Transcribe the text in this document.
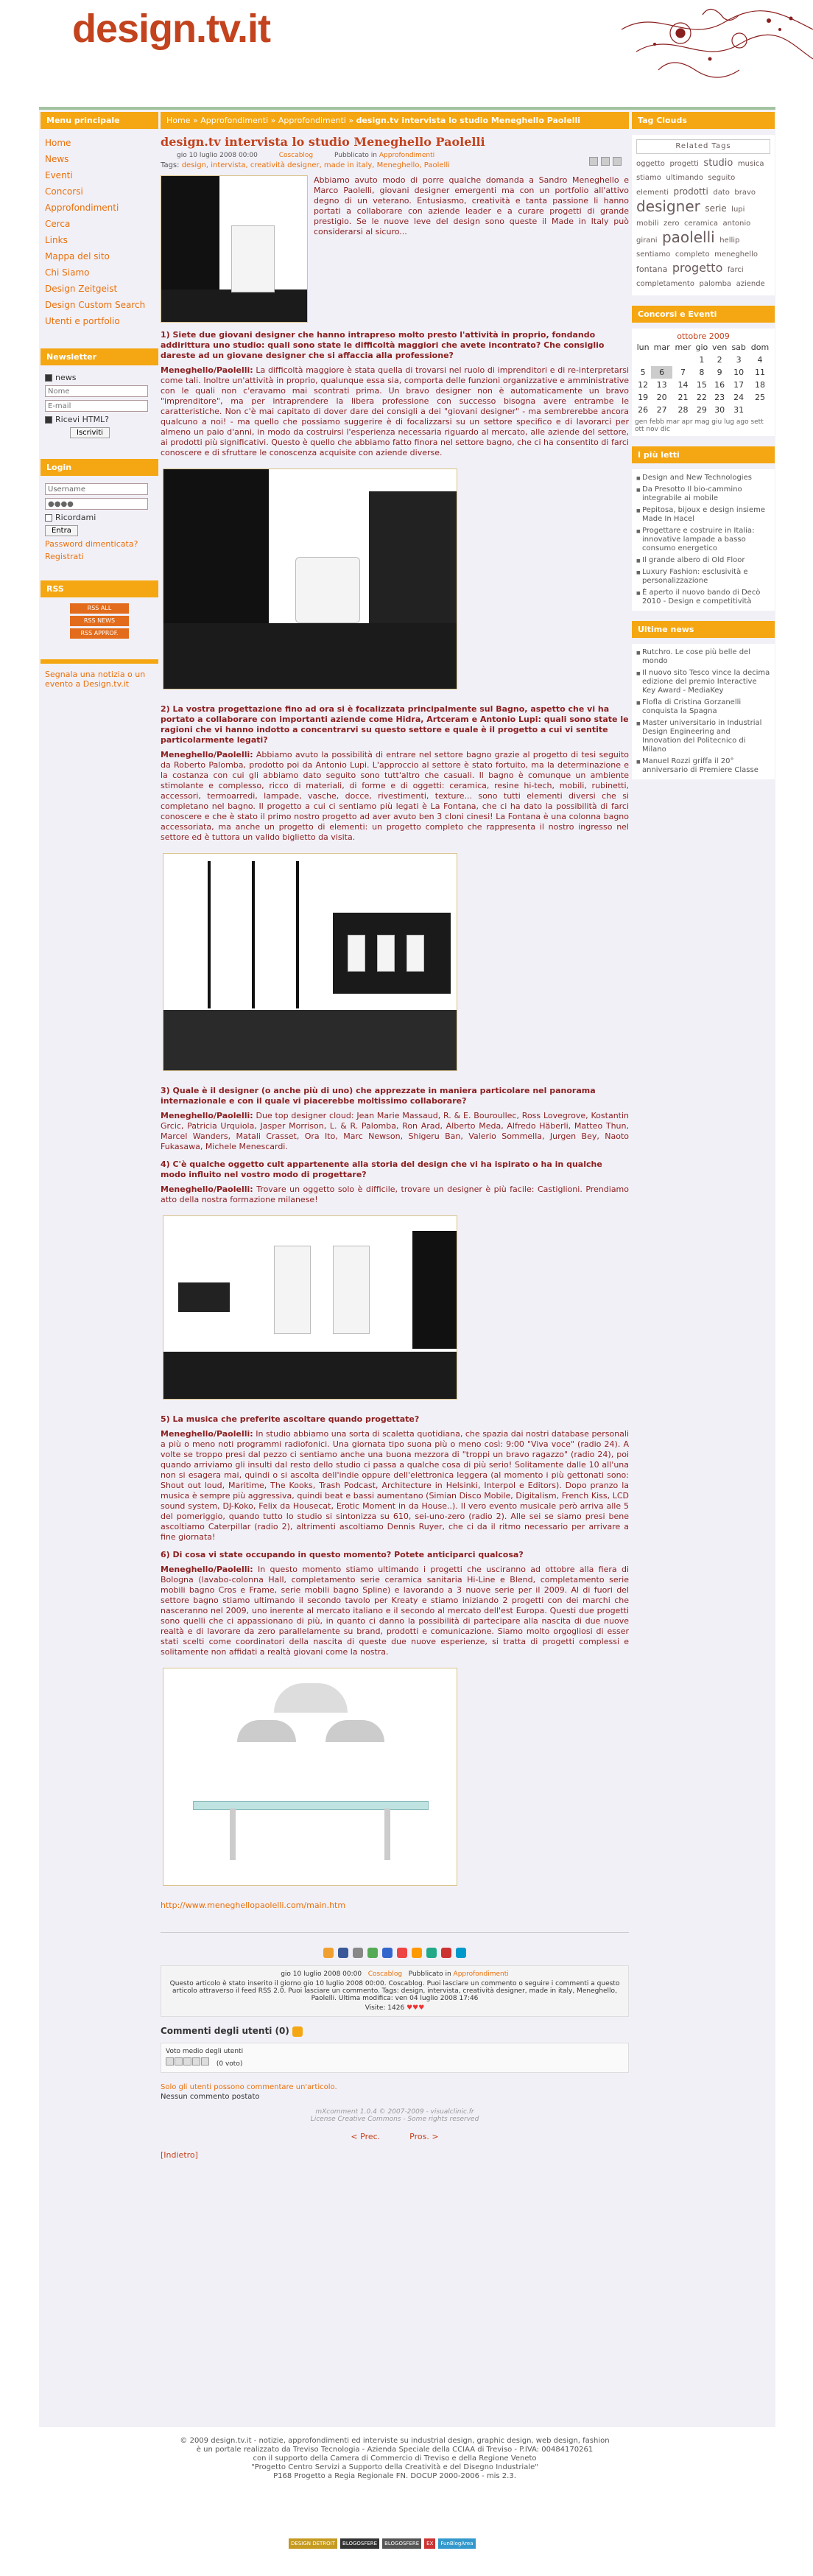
design.tv.it
Menu principale
Home
News
Eventi
Concorsi
Approfondimenti
Cerca
Links
Mappa del sito
Chi Siamo
Design Zeitgeist
Design Custom Search
Utenti e portfolio
Newsletter
news
Nome
E-mail
Ricevi HTML?
Iscriviti
Login
Username
●●●●
Ricordami
Entra
Password dimenticata?
Registrati
RSS
RSS ALL
RSS NEWS
RSS APPROF.
Segnala una notizia o un evento a Design.tv.it
Home » Approfondimenti » Approfondimenti » design.tv intervista lo studio Meneghello Paolelli
design.tv intervista lo studio Meneghello Paolelli
gio 10 luglio 2008 00:00	Coscablog	Pubblicato in Approfondimenti
Tags: design, intervista, creatività designer, made in italy, Meneghello, Paolelli
Abbiamo avuto modo di porre qualche domanda a Sandro Meneghello e Marco Paolelli, giovani designer emergenti ma con un portfolio all'attivo degno di un veterano. Entusiasmo, creatività e tanta passione li hanno portati a collaborare con aziende leader e a curare progetti di grande prestigio. Se le nuove leve del design sono queste il Made in Italy può considerarsi al sicuro...
1) Siete due giovani designer che hanno intrapreso molto presto l'attività in proprio, fondando addirittura uno studio: quali sono state le difficoltà maggiori che avete incontrato? Che consiglio dareste ad un giovane designer che si affaccia alla professione?
Meneghello/Paolelli: La difficoltà maggiore è stata quella di trovarsi nel ruolo di imprenditori e di re-interpretarsi come tali. Inoltre un'attività in proprio, qualunque essa sia, comporta delle funzioni organizzative e amministrative con le quali non c'eravamo mai scontrati prima. Un bravo designer non è automaticamente un bravo "imprenditore", ma per intraprendere la libera professione con successo bisogna avere entrambe le caratteristiche. Non c'è mai capitato di dover dare dei consigli a dei "giovani designer" - ma sembrerebbe ancora qualcuno a noi! - ma quello che possiamo suggerire è di focalizzarsi su un settore specifico e di lavorarci per almeno un paio d'anni, in modo da costruirsi l'esperienza necessaria riguardo al mercato, alle aziende del settore, ai prodotti più significativi. Questo è quello che abbiamo fatto finora nel settore bagno, che ci ha consentito di farci conoscere e di sfruttare le conoscenza acquisite con aziende diverse.
2) La vostra progettazione fino ad ora si è focalizzata principalmente sul Bagno, aspetto che vi ha portato a collaborare con importanti aziende come Hidra, Artceram e Antonio Lupi: quali sono state le ragioni che vi hanno indotto a concentrarvi su questo settore e quale è il progetto a cui vi sentite particolarmente legati?
Meneghello/Paolelli: Abbiamo avuto la possibilità di entrare nel settore bagno grazie al progetto di tesi seguito da Roberto Palomba, prodotto poi da Antonio Lupi. L'approccio al settore è stato fortuito, ma la determinazione e la costanza con cui gli abbiamo dato seguito sono tutt'altro che casuali. Il bagno è comunque un ambiente stimolante e complesso, ricco di materiali, di forme e di oggetti: ceramica, resine hi-tech, mobili, rubinetti, accessori, termoarredi, lampade, vasche, docce, rivestimenti, texture... sono tutti elementi diversi che si completano nel bagno. Il progetto a cui ci sentiamo più legati è La Fontana, che ci ha dato la possibilità di farci conoscere e che è stato il primo nostro progetto ad aver avuto ben 3 cloni cinesi! La Fontana è una colonna bagno accessoriata, ma anche un progetto di elementi: un progetto completo che rappresenta il nostro ingresso nel settore ed è tuttora un valido biglietto da visita.
3) Quale è il designer (o anche più di uno) che apprezzate in maniera particolare nel panorama internazionale e con il quale vi piacerebbe moltissimo collaborare?
Meneghello/Paolelli: Due top designer cloud: Jean Marie Massaud, R. & E. Bouroullec, Ross Lovegrove, Kostantin Grcic, Patricia Urquiola, Jasper Morrison, L. & R. Palomba, Ron Arad, Alberto Meda, Alfredo Häberli, Matteo Thun, Marcel Wanders, Matali Crasset, Ora Ito, Marc Newson, Shigeru Ban, Valerio Sommella, Jurgen Bey, Naoto Fukasawa, Michele Menescardi.
4) C'è qualche oggetto cult appartenente alla storia del design che vi ha ispirato o ha in qualche modo influito nel vostro modo di progettare?
Meneghello/Paolelli: Trovare un oggetto solo è difficile, trovare un designer è più facile: Castiglioni. Prendiamo atto della nostra formazione milanese!
5) La musica che preferite ascoltare quando progettate?
Meneghello/Paolelli: In studio abbiamo una sorta di scaletta quotidiana, che spazia dai nostri database personali a più o meno noti programmi radiofonici. Una giornata tipo suona più o meno così: 9:00 "Viva voce" (radio 24). A volte se troppo presi dal pezzo ci sentiamo anche una buona mezzora di "troppi un bravo ragazzo" (radio 24), poi quando arriviamo gli insulti dal resto dello studio ci passa a qualche cosa di più serio! Solitamente dalle 10 all'una non si esagera mai, quindi o si ascolta dell'indie oppure dell'elettronica leggera (al momento i più gettonati sono: Shout out loud, Maritime, The Kooks, Trash Podcast, Architecture in Helsinki, Interpol e Editors). Dopo pranzo la musica è sempre più aggressiva, quindi beat e bassi aumentano (Simian Disco Mobile, Digitalism, French Kiss, LCD sound system, DJ-Koko, Felix da Housecat, Erotic Moment in da House..). Il vero evento musicale però arriva alle 5 del pomeriggio, quando tutto lo studio si sintonizza su 610, sei-uno-zero (radio 2). Alle sei se siamo presi bene ascoltiamo Caterpillar (radio 2), altrimenti ascoltiamo Dennis Ruyer, che ci da il ritmo necessario per arrivare a fine giornata!
6) Di cosa vi state occupando in questo momento? Potete anticiparci qualcosa?
Meneghello/Paolelli: In questo momento stiamo ultimando i progetti che usciranno ad ottobre alla fiera di Bologna (lavabo-colonna Hall, completamento serie ceramica sanitaria Hi-Line e Blend, completamento serie mobili bagno Cros e Frame, serie mobili bagno Spline) e lavorando a 3 nuove serie per il 2009. Al di fuori del settore bagno stiamo ultimando il secondo tavolo per Kreaty e stiamo iniziando 2 progetti con dei marchi che nasceranno nel 2009, uno inerente al mercato italiano e il secondo al mercato dell'est Europa. Questi due progetti sono quelli che ci appassionano di più, in quanto ci danno la possibilità di partecipare alla nascita di due nuove realtà e di lavorare da zero parallelamente su brand, prodotti e comunicazione. Siamo molto orgogliosi di esser stati scelti come coordinatori della nascita di queste due nuove esperienze, si tratta di progetti complessi e solitamente non affidati a realtà giovani come la nostra.
http://www.meneghellopaolelli.com/main.htm
gio 10 luglio 2008 00:00 Coscablog Pubblicato in Approfondimenti
Questo articolo è stato inserito il giorno gio 10 luglio 2008 00:00. Coscablog. Puoi lasciare un commento o seguire i commenti a questo articolo attraverso il feed RSS 2.0. Puoi lasciare un commento. Tags: design, intervista, creatività designer, made in italy, Meneghello, Paolelli. Ultima modifica: ven 04 luglio 2008 17:46
Visite: 1426 ♥♥♥
Commenti degli utenti (0)
Voto medio degli utenti
(0 voto)
Solo gli utenti possono commentare un'articolo.
Nessun commento postato
mXcomment 1.0.4 © 2007-2009 - visualclinic.fr
License Creative Commons - Some rights reserved
< Prec.	Pros. >
[Indietro]
Tag Clouds
Related Tags
oggetto progetti studio musica stiamo ultimando seguito elementi prodotti dato bravo designer serie lupi mobili zero ceramica antonio girani paolelli hellip sentiamo completo meneghello fontana progetto farci completamento palomba aziende
Concorsi e Eventi
ottobre 2009
lun	mar	mer	gio	ven	sab	dom
			1	2	3	4
5	6	7	8	9	10	11
12	13	14	15	16	17	18
19	20	21	22	23	24	25
26	27	28	29	30	31	
gen febb mar apr mag giu lug ago sett ott nov dic
I più letti
■ Design and New Technologies
■ Da Presotto Il bio-cammino integrabile ai mobile
■ Pepitosa, bijoux e design insieme Made In Hacel
■ Progettare e costruire in Italia: innovative lampade a basso consumo energetico
■ Il grande albero di Old Floor
■ Luxury Fashion: esclusività e personalizzazione
■ È aperto il nuovo bando di Decò 2010 - Design e competitività
Ultime news
■ Rutchro. Le cose più belle del mondo
■ Il nuovo sito Tesco vince la decima edizione del premio Interactive Key Award - MediaKey
■ Flofla di Cristina Gorzanelli conquista la Spagna
■ Master universitario in Industrial Design Engineering and Innovation del Politecnico di Milano
■ Manuel Rozzi griffa il 20° anniversario di Premiere Classe
© 2009 design.tv.it - notizie, approfondimenti ed interviste su industrial design, graphic design, web design, fashion
è un portale realizzato da Treviso Tecnologia - Azienda Speciale della CCIAA di Treviso - P.IVA: 00484170261
con il supporto della Camera di Commercio di Treviso e della Regione Veneto
"Progetto Centro Servizi a Supporto della Creatività e del Disegno Industriale"
P168 Progetto a Regia Regionale FN. DOCUP 2000-2006 - mis 2.3.
DESIGN DETROIT	BLOGOSFERE	BLOGOSFERE	EX	FunBlogArea
